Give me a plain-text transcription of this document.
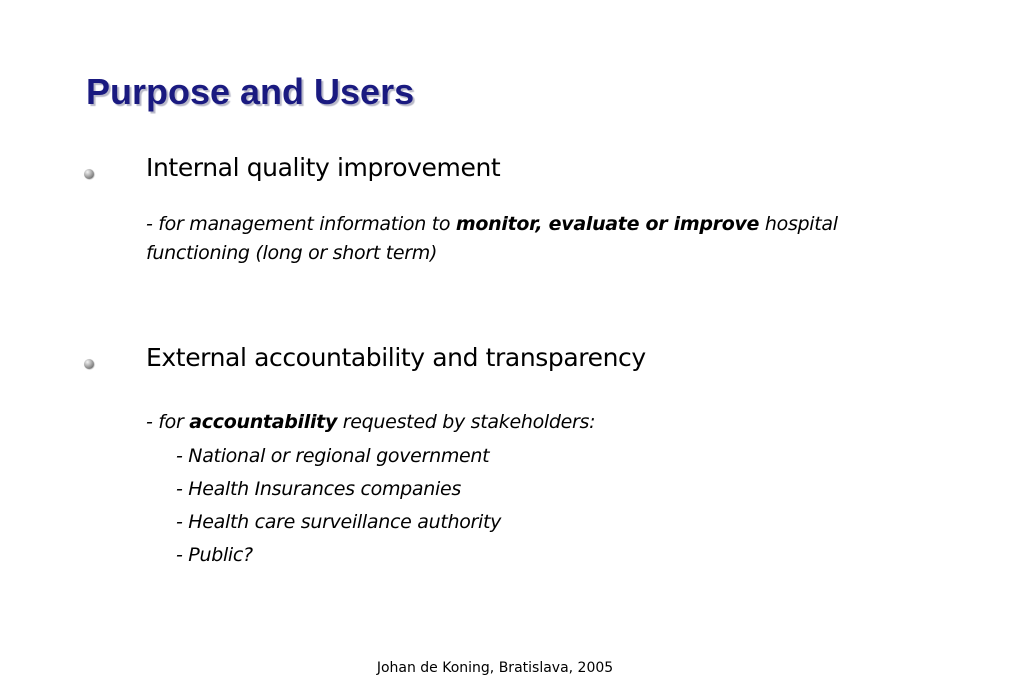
Purpose and Users

Internal quality improvement

- for management information to monitor, evaluate or improve hospital functioning (long or short term)

External accountability and transparency

- for accountability requested by stakeholders:

- National or regional government
- Health Insurances companies
- Health care surveillance authority
- Public?
Johan de Koning, Bratislava, 2005
